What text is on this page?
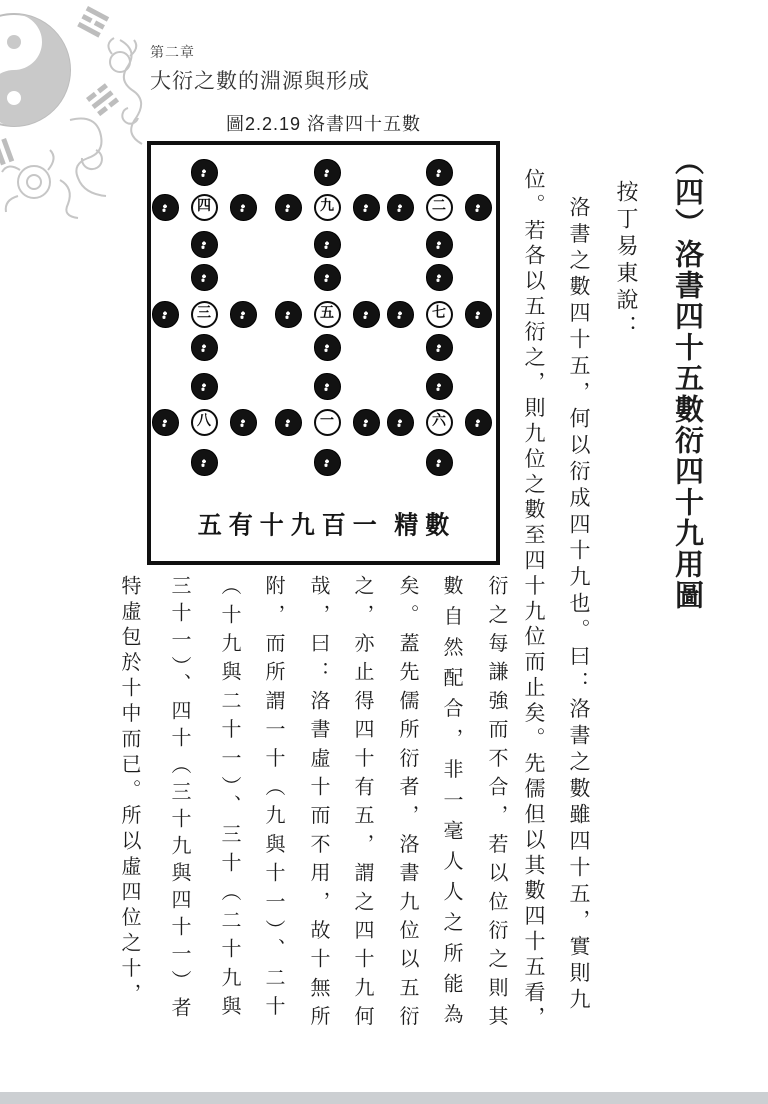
第二章
大衍之數的淵源與形成
圖2.2.19 洛書四十五數
四	九	二
三	五	七
八	一	六
五 有 十 九 百 一 精 數	（四）洛書四十五數衍四十九用圖
按丁易東說：
洛書之數四十五，何以衍成四十九也。曰：洛書之數雖四十五，實則九
位。若各以五衍之，則九位之數至四十九位而止矣。先儒但以其數四十五看，
衍之每謙強而不合，若以位衍之則其
數自然配合，非一毫人人之所能為
矣。蓋先儒所衍者，洛書九位以五衍
之，亦止得四十有五，謂之四十九何
哉，曰：洛書虛十而不用，故十無所
附，而所謂一十（九與十一）、二十
（十九與二十一）、三十（二十九與
三十一）、四十（三十九與四十一）者
特虛包於十中而已。所以虛四位之十，
